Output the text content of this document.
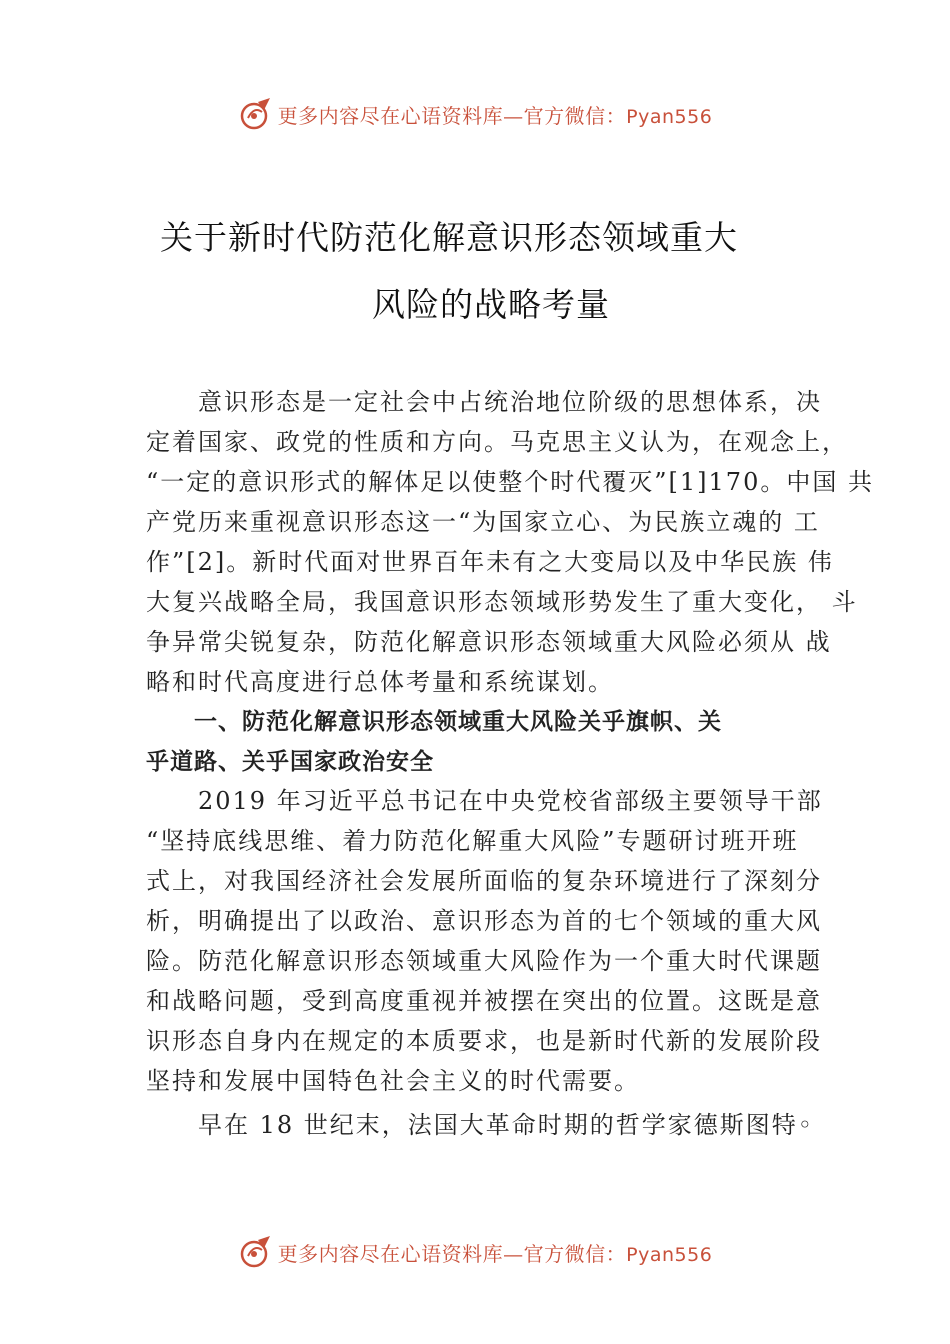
更多内容尽在心语资料库—官方微信：Pyan556
关于新时代防范化解意识形态领域重大
风险的战略考量
　　意识形态是一定社会中占统治地位阶级的思想体系，决
定着国家、政党的性质和方向。马克思主义认为，在观念上，
“一定的意识形式的解体足以使整个时代覆灭”[1]170。中国 共
产党历来重视意识形态这一“为国家立心、为民族立魂的 工
作”[2]。新时代面对世界百年未有之大变局以及中华民族 伟
大复兴战略全局，我国意识形态领域形势发生了重大变化， 斗
争异常尖锐复杂，防范化解意识形态领域重大风险必须从 战
略和时代高度进行总体考量和系统谋划。
　　一、防范化解意识形态领域重大风险关乎旗帜、关
乎道路、关乎国家政治安全
　　2019 年习近平总书记在中央党校省部级主要领导干部
“坚持底线思维、着力防范化解重大风险”专题研讨班开班
式上，对我国经济社会发展所面临的复杂环境进行了深刻分
析，明确提出了以政治、意识形态为首的七个领域的重大风
险。防范化解意识形态领域重大风险作为一个重大时代课题
和战略问题，受到高度重视并被摆在突出的位置。这既是意
识形态自身内在规定的本质要求，也是新时代新的发展阶段
坚持和发展中国特色社会主义的时代需要。
　　早在 18 世纪末，法国大革命时期的哲学家德斯图特◦
更多内容尽在心语资料库—官方微信：Pyan556
